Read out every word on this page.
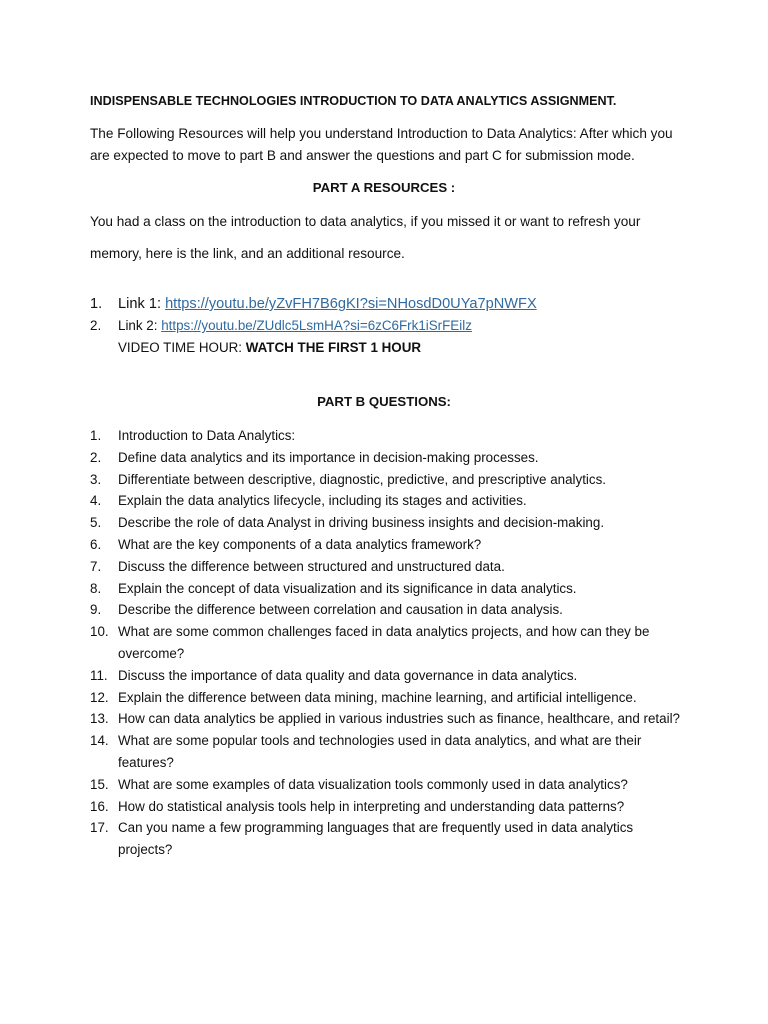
INDISPENSABLE TECHNOLOGIES INTRODUCTION TO DATA ANALYTICS ASSIGNMENT.

The Following Resources will help you understand Introduction to Data Analytics: After which you are expected to move to part B and answer the questions and part C for submission mode.

PART A RESOURCES :

You had a class on the introduction to data analytics, if you missed it or want to refresh your

memory, here is the link, and an additional resource.

1.	Link 1: https://youtu.be/yZvFH7B6gKI?si=NHosdD0UYa7pNWFX
2.	Link 2: https://youtu.be/ZUdlc5LsmHA?si=6zC6Frk1iSrFEilz
VIDEO TIME HOUR: WATCH THE FIRST 1 HOUR

PART B QUESTIONS:

1. Introduction to Data Analytics:
2. Define data analytics and its importance in decision-making processes.
3. Differentiate between descriptive, diagnostic, predictive, and prescriptive analytics.
4. Explain the data analytics lifecycle, including its stages and activities.
5. Describe the role of data Analyst in driving business insights and decision-making.
6. What are the key components of a data analytics framework?
7. Discuss the difference between structured and unstructured data.
8. Explain the concept of data visualization and its significance in data analytics.
9. Describe the difference between correlation and causation in data analysis.
10. What are some common challenges faced in data analytics projects, and how can they be overcome?
11. Discuss the importance of data quality and data governance in data analytics.
12. Explain the difference between data mining, machine learning, and artificial intelligence.
13. How can data analytics be applied in various industries such as finance, healthcare, and retail?
14. What are some popular tools and technologies used in data analytics, and what are their features?
15. What are some examples of data visualization tools commonly used in data analytics?
16. How do statistical analysis tools help in interpreting and understanding data patterns?
17. Can you name a few programming languages that are frequently used in data analytics projects?
